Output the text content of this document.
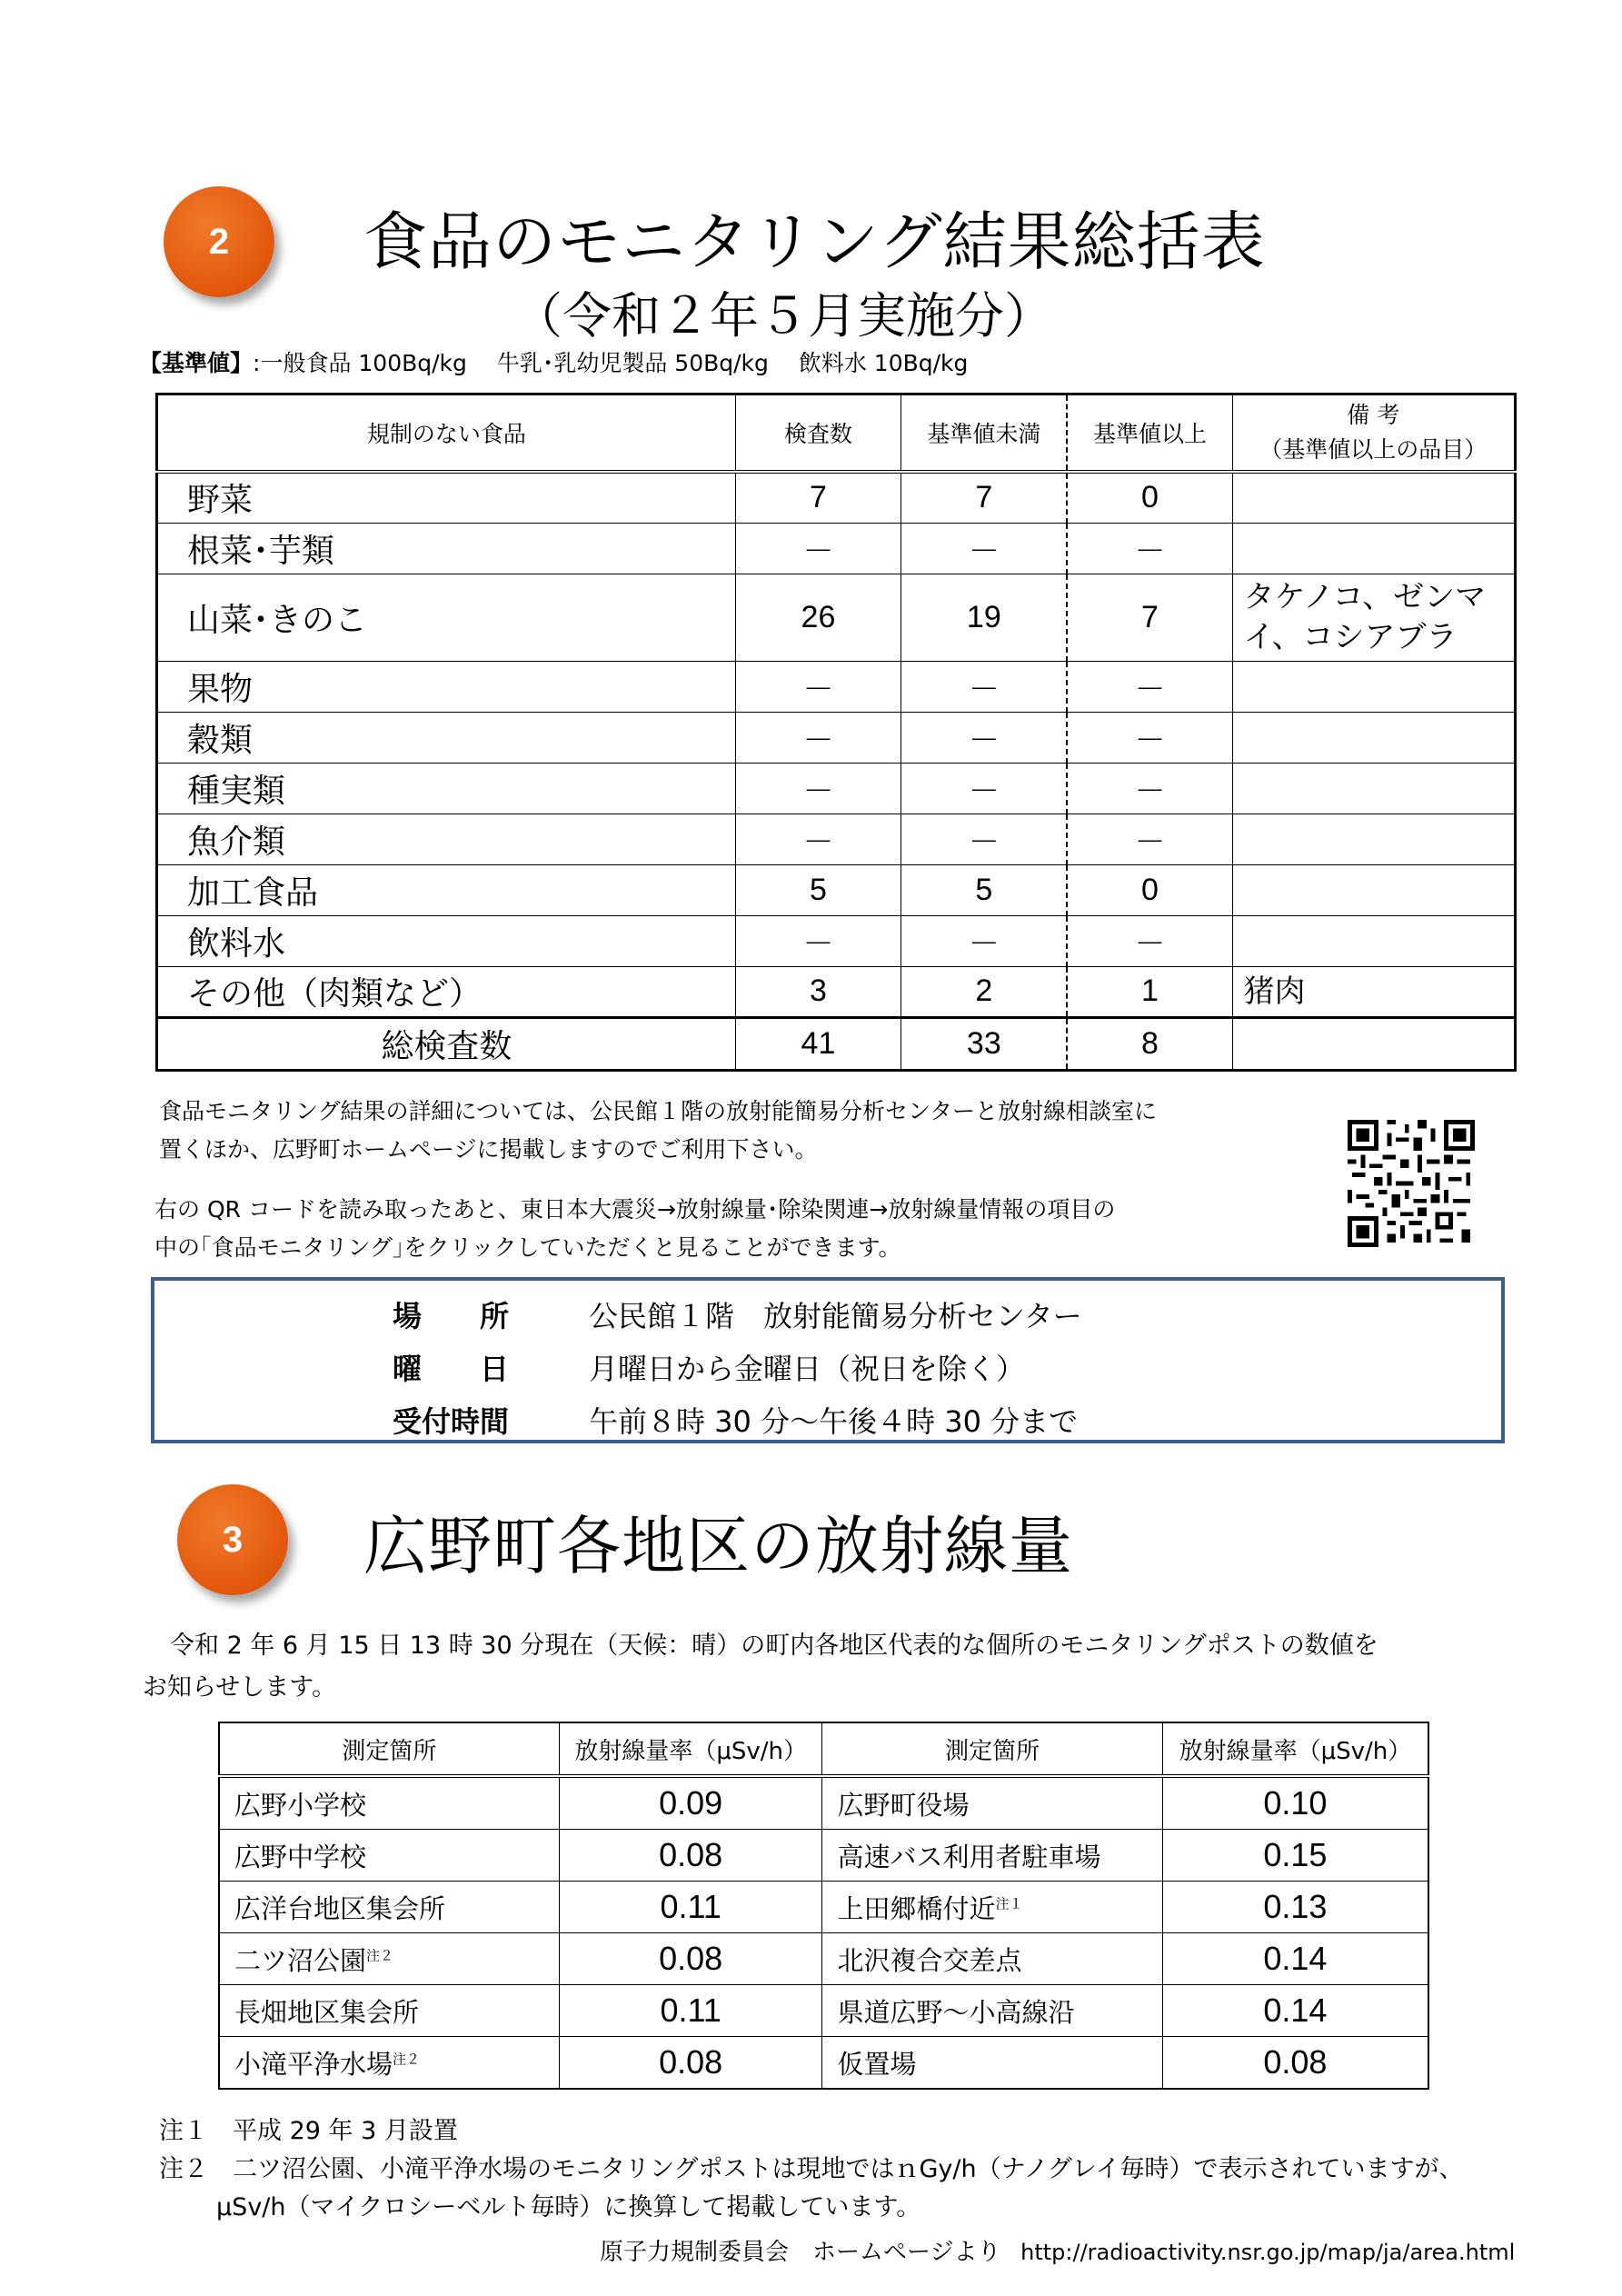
2	食品のモニタリング結果総括表
（令和２年５月実施分）
【基準値】:一般食品 100Bq/kg　 牛乳･乳幼児製品 50Bq/kg　 飲料水 10Bq/kg
規制のない食品	検査数	基準値未満	基準値以上	備 考
（基準値以上の品目）
野菜	7	7	0	
根菜･芋類	－	－	－	
山菜･きのこ	26	19	7	タケノコ、ゼンマイ、コシアブラ
果物	－	－	－	
穀類	－	－	－	
種実類	－	－	－	
魚介類	－	－	－	
加工食品	5	5	0	
飲料水	－	－	－	
その他（肉類など）	3	2	1	猪肉
総検査数	41	33	8	
食品モニタリング結果の詳細については、公民館１階の放射能簡易分析センターと放射線相談室に
置くほか、広野町ホームページに掲載しますのでご利用下さい。
右の QR コードを読み取ったあと、東日本大震災→放射線量･除染関連→放射線量情報の項目の
中の｢食品モニタリング｣をクリックしていただくと見ることができます。
場　　所	公民館１階　放射能簡易分析センター
曜　　日	月曜日から金曜日（祝日を除く）
受付時間	午前８時 30 分～午後４時 30 分まで
3	広野町各地区の放射線量
令和 2 年 6 月 15 日 13 時 30 分現在（天候：晴）の町内各地区代表的な個所のモニタリングポストの数値を
お知らせします。
測定箇所	放射線量率（μSv/h）	測定箇所	放射線量率（μSv/h）
広野小学校	0.09	広野町役場	0.10
広野中学校	0.08	高速バス利用者駐車場	0.15
広洋台地区集会所	0.11	上田郷橋付近$^{注1}$	0.13
二ツ沼公園$^{注2}$	0.08	北沢複合交差点	0.14
長畑地区集会所	0.11	県道広野～小高線沿	0.14
小滝平浄水場$^{注2}$	0.08	仮置場	0.08
注１　 平成 29 年 3 月設置
注２　 二ツ沼公園、小滝平浄水場のモニタリングポストは現地ではｎGy/h（ナノグレイ毎時）で表示されていますが、
μSv/h（マイクロシーベルト毎時）に換算して掲載しています。
原子力規制委員会　ホームページより http://radioactivity.nsr.go.jp/map/ja/area.html
